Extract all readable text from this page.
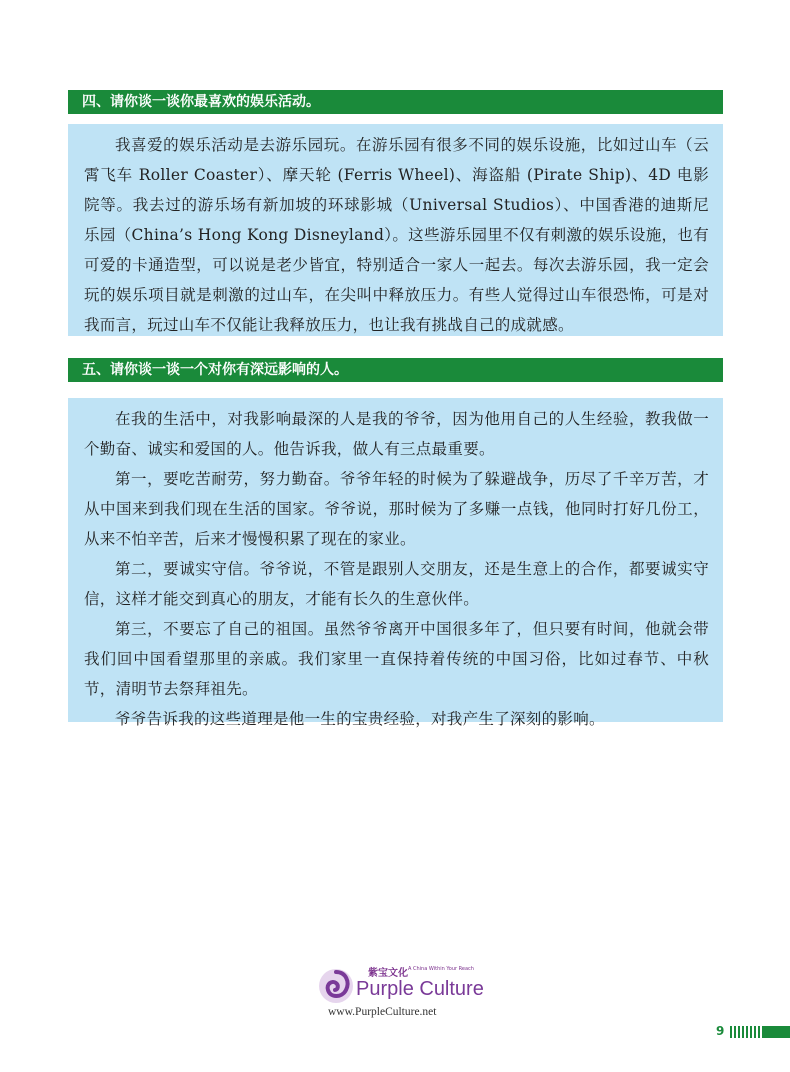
四、请你谈一谈你最喜欢的娱乐活动。

我喜爱的娱乐活动是去游乐园玩。在游乐园有很多不同的娱乐设施，比如过山车（云霄飞车 Roller Coaster）、摩天轮 (Ferris Wheel)、海盗船 (Pirate Ship)、4D 电影院等。我去过的游乐场有新加坡的环球影城（Universal Studios）、中国香港的迪斯尼乐园（China’s Hong Kong Disneyland）。这些游乐园里不仅有刺激的娱乐设施，也有可爱的卡通造型，可以说是老少皆宜，特别适合一家人一起去。每次去游乐园，我一定会玩的娱乐项目就是刺激的过山车，在尖叫中释放压力。有些人觉得过山车很恐怖，可是对我而言，玩过山车不仅能让我释放压力，也让我有挑战自己的成就感。

五、请你谈一谈一个对你有深远影响的人。

在我的生活中，对我影响最深的人是我的爷爷，因为他用自己的人生经验，教我做一个勤奋、诚实和爱国的人。他告诉我，做人有三点最重要。

第一，要吃苦耐劳，努力勤奋。爷爷年轻的时候为了躲避战争，历尽了千辛万苦，才从中国来到我们现在生活的国家。爷爷说，那时候为了多赚一点钱，他同时打好几份工，从来不怕辛苦，后来才慢慢积累了现在的家业。

第二，要诚实守信。爷爷说，不管是跟别人交朋友，还是生意上的合作，都要诚实守信，这样才能交到真心的朋友，才能有长久的生意伙伴。

第三，不要忘了自己的祖国。虽然爷爷离开中国很多年了，但只要有时间，他就会带我们回中国看望那里的亲戚。我们家里一直保持着传统的中国习俗，比如过春节、中秋节，清明节去祭拜祖先。

爷爷告诉我的这些道理是他一生的宝贵经验，对我产生了深刻的影响。

紫宝文化 A China Within Your Reach
Purple Culture
www.PurpleCulture.net
9
